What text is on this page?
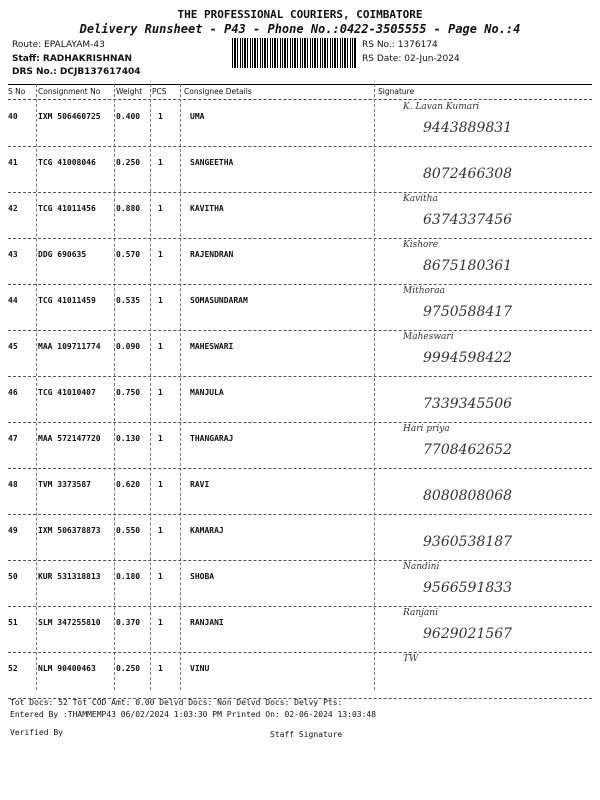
THE PROFESSIONAL COURIERS, COIMBATORE
Delivery Runsheet - P43 - Phone No.:0422-3505555 - Page No.:4
Route: EPALAYAM-43
Staff: RADHAKRISHNAN
DRS No.: DCJB137617404
RS No.: 1376174
RS Date: 02-Jun-2024
S No Consignment No Weight PCS Consignee Details	Signature
40	IXM 506460725 0.400 1	UMA
K. Lavan Kumari
9443889831
41	TCG 41008046	0.250 1	SANGEETHA
8072466308
42	TCG 41011456	0.880 1	KAVITHA
Kavitha
6374337456
43	DDG 690635	0.570 1	RAJENDRAN
Kishore
8675180361
44	TCG 41011459	0.535 1	SOMASUNDARAM
Mithoraa
9750588417
45	MAA 109711774 0.090 1	MAHESWARI
Maheswari
9994598422
46	TCG 41010407	0.750 1	MANJULA
7339345506
47	MAA 572147720 0.130 1	THANGARAJ
Hari priya
7708462652
48	TVM 3373587	0.620 1	RAVI
8080808068
49	IXM 506378873 0.550 1	KAMARAJ
9360538187
50	KUR 531318813 0.180 1	SHOBA
Nandini
9566591833
51	SLM 347255810 0.370 1	RANJANI
Ranjani
9629021567
52	NLM 90400463	0.250 1	VINU
TW
Tot Docs: 52 Tot COD Amt: 0.00 Delvd Docs: Non Delvd Docs: Delvy Pts:
Entered By :THAMMEMP43 06/02/2024 1:03:30 PM Printed On: 02-06-2024 13:03:48
Verified By	Staff Signature
